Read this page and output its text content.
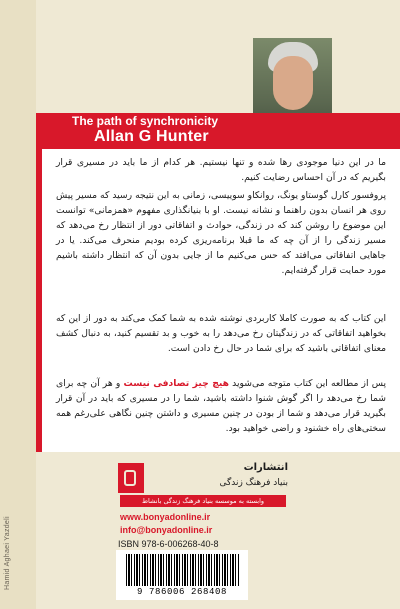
Hamid Aghaei Yazdeli
The path of synchronicity
Allan G Hunter
ما در این دنیا موجودی رها شده و تنها نیستیم. هر کدام از ما باید در مسیری قرار بگیریم که در آن احساس رضایت کنیم.
پروفسور کارل گوستاو یونگ، روانکاو سوییسی، زمانی به این نتیجه رسید که مسیر پیش روی هر انسان بدون راهنما و نشانه نیست. او با بنیانگذاری مفهوم «همزمانی» توانست این موضوع را روشن کند که در زندگی، حوادث و اتفاقاتی دور از انتظار رخ می‌دهد که مسیر زندگی را از آن چه که ما قبلا برنامه‌ریزی کرده بودیم منحرف می‌کند. یا در جاهایی اتفاقاتی می‌افتد که حس می‌کنیم ما از جایی بدون آن که انتظار داشته باشیم مورد حمایت قرار گرفته‌ایم.
این کتاب که به صورت کاملا کاربردی نوشته شده به شما کمک می‌کند به دور از این که بخواهید اتفاقاتی که در زندگیتان رخ می‌دهد را به خوب و بد تقسیم کنید، به دنبال کشف معنای اتفاقاتی باشید که برای شما در حال رخ دادن است.
پس از مطالعه این کتاب متوجه می‌شوید هیچ چیز تصادفی نیست و هر آن چه برای شما رخ می‌دهد را اگر گوش شنوا داشته باشید، شما را در مسیری که باید در آن قرار بگیرید قرار می‌دهد و شما از بودن در چنین مسیری و داشتن چنین نگاهی علی‌رغم همه سختی‌های راه خشنود و راضی خواهید بود.
انتشارات
بنیاد فرهنگ زندگی
وابسته به موسسه بنیاد فرهنگ زندگی بانشاط
www.bonyadonline.ir
info@bonyadonline.ir
ISBN 978-6-006268-40-8
9 786006 268408
